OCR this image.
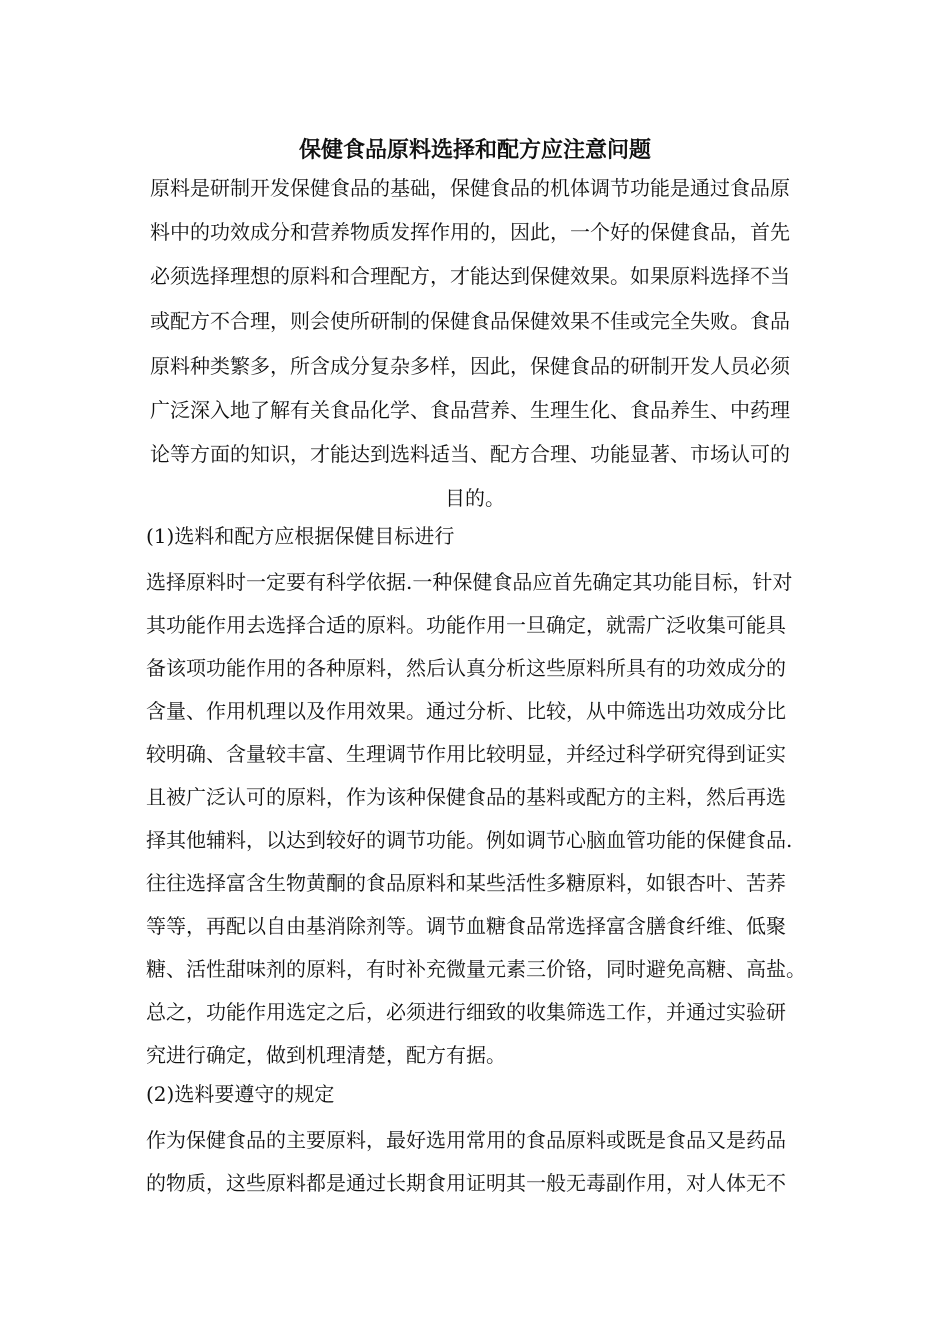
保健食品原料选择和配方应注意问题
原料是研制开发保健食品的基础，保健食品的机体调节功能是通过食品原
料中的功效成分和营养物质发挥作用的，因此，一个好的保健食品，首先
必须选择理想的原料和合理配方，才能达到保健效果。如果原料选择不当
或配方不合理，则会使所研制的保健食品保健效果不佳或完全失败。食品
原料种类繁多，所含成分复杂多样，因此，保健食品的研制开发人员必须
广泛深入地了解有关食品化学、食品营养、生理生化、食品养生、中药理
论等方面的知识，才能达到选料适当、配方合理、功能显著、市场认可的
目的。
(1)选料和配方应根据保健目标进行
选择原料时一定要有科学依据.一种保健食品应首先确定其功能目标，针对
其功能作用去选择合适的原料。功能作用一旦确定，就需广泛收集可能具
备该项功能作用的各种原料，然后认真分析这些原料所具有的功效成分的
含量、作用机理以及作用效果。通过分析、比较，从中筛选出功效成分比
较明确、含量较丰富、生理调节作用比较明显，并经过科学研究得到证实
且被广泛认可的原料，作为该种保健食品的基料或配方的主料，然后再选
择其他辅料，以达到较好的调节功能。例如调节心脑血管功能的保健食品.
往往选择富含生物黄酮的食品原料和某些活性多糖原料，如银杏叶、苦荞
等等，再配以自由基消除剂等。调节血糖食品常选择富含膳食纤维、低聚
糖、活性甜味剂的原料，有时补充微量元素三价铬，同时避免高糖、高盐。
总之，功能作用选定之后，必须进行细致的收集筛选工作，并通过实验研
究进行确定，做到机理清楚，配方有据。
(2)选料要遵守的规定
作为保健食品的主要原料，最好选用常用的食品原料或既是食品又是药品
的物质，这些原料都是通过长期食用证明其一般无毒副作用，对人体无不
